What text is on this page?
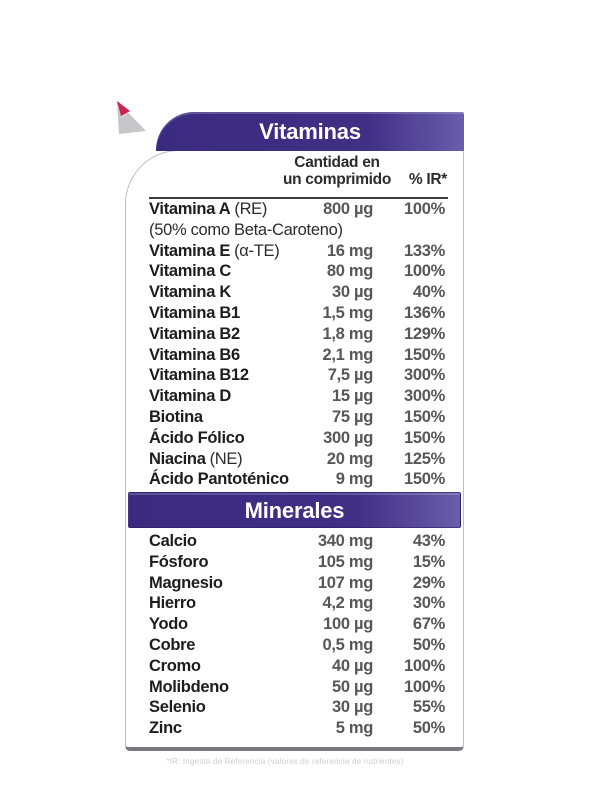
Vitaminas
Cantidad en
un comprimido	% IR*
Vitamina A (RE)	800 µg	100%
(50% como Beta-Caroteno)
Vitamina E (α-TE)	16 mg	133%
Vitamina C	80 mg	100%
Vitamina K	30 µg	40%
Vitamina B1	1,5 mg	136%
Vitamina B2	1,8 mg	129%
Vitamina B6	2,1 mg	150%
Vitamina B12	7,5 µg	300%
Vitamina D	15 µg	300%
Biotina	75 µg	150%
Ácido Fólico	300 µg	150%
Niacina (NE)	20 mg	125%
Ácido Pantoténico	9 mg	150%
Minerales
Calcio	340 mg	43%
Fósforo	105 mg	15%
Magnesio	107 mg	29%
Hierro	4,2 mg	30%
Yodo	100 µg	67%
Cobre	0,5 mg	50%
Cromo	40 µg	100%
Molibdeno	50 µg	100%
Selenio	30 µg	55%
Zinc	5 mg	50%
*IR: Ingesta de Referencia (valores de referencia de nutrientes)
